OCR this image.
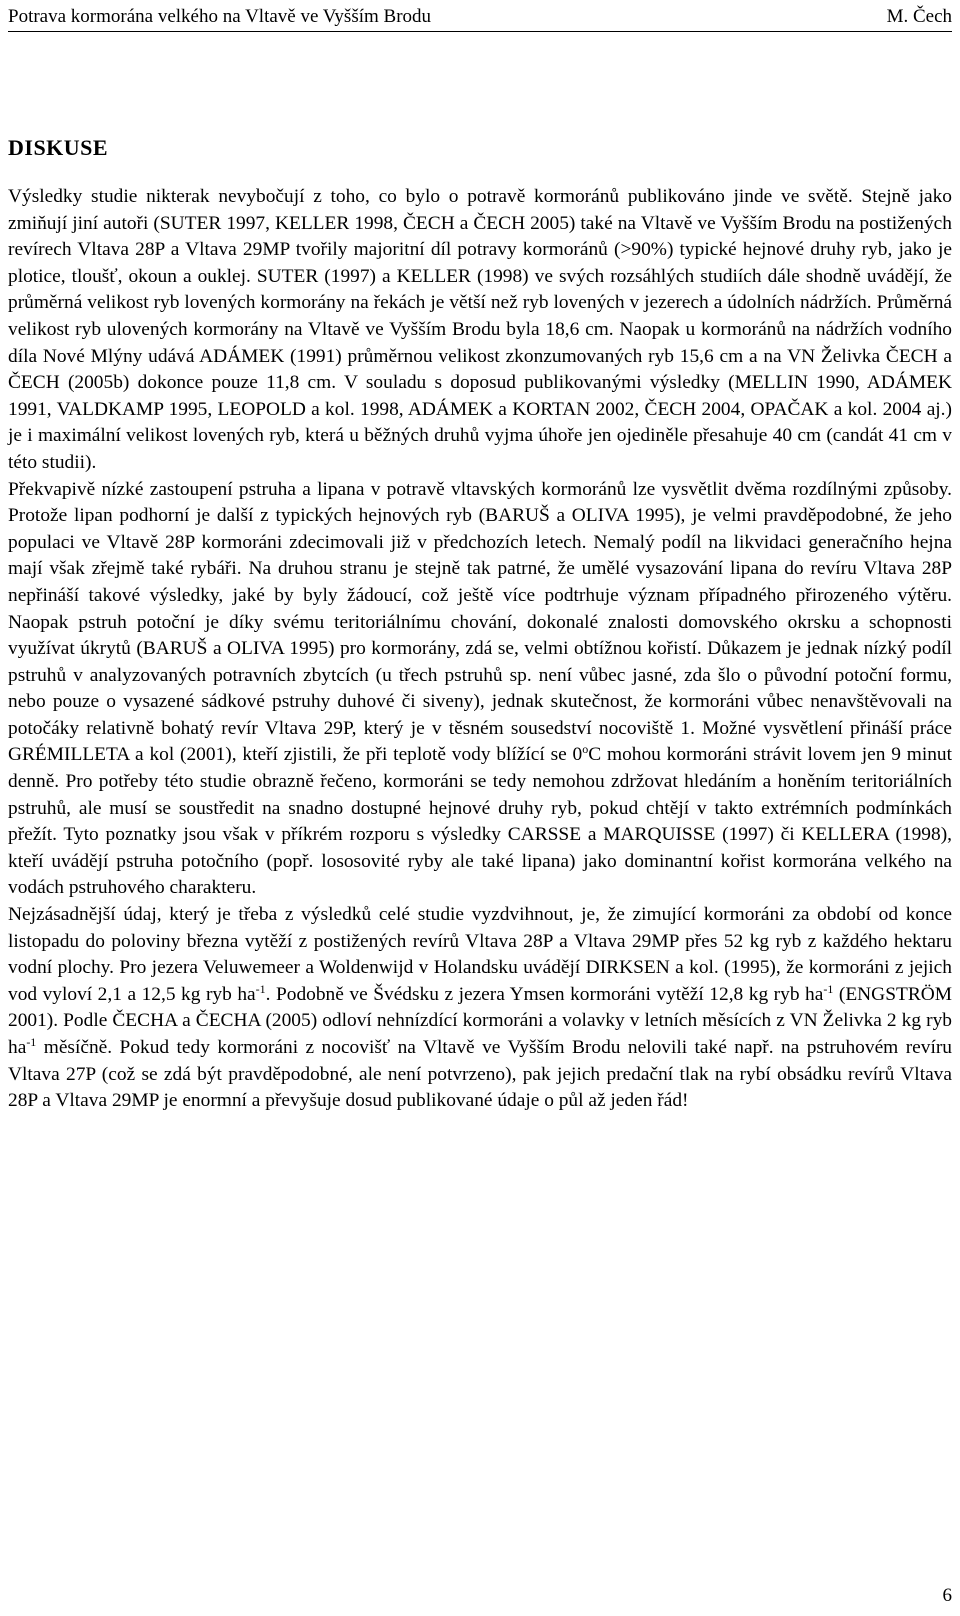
Potrava kormorána velkého na Vltavě ve Vyšším Brodu	M. Čech
DISKUSE

Výsledky studie nikterak nevybočují z toho, co bylo o potravě kormoránů publikováno jinde ve světě. Stejně jako zmiňují jiní autoři (SUTER 1997, KELLER 1998, ČECH a ČECH 2005) také na Vltavě ve Vyšším Brodu na postižených revírech Vltava 28P a Vltava 29MP tvořily majoritní díl potravy kormoránů (>90%) typické hejnové druhy ryb, jako je plotice, tloušť, okoun a ouklej. SUTER (1997) a KELLER (1998) ve svých rozsáhlých studiích dále shodně uvádějí, že průměrná velikost ryb lovených kormorány na řekách je větší než ryb lovených v jezerech a údolních nádržích. Průměrná velikost ryb ulovených kormorány na Vltavě ve Vyšším Brodu byla 18,6 cm. Naopak u kormoránů na nádržích vodního díla Nové Mlýny udává ADÁMEK (1991) průměrnou velikost zkonzumovaných ryb 15,6 cm a na VN Želivka ČECH a ČECH (2005b) dokonce pouze 11,8 cm. V souladu s doposud publikovanými výsledky (MELLIN 1990, ADÁMEK 1991, VALDKAMP 1995, LEOPOLD a kol. 1998, ADÁMEK a KORTAN 2002, ČECH 2004, OPAČAK a kol. 2004 aj.) je i maximální velikost lovených ryb, která u běžných druhů vyjma úhoře jen ojediněle přesahuje 40 cm (candát 41 cm v této studii).

Překvapivě nízké zastoupení pstruha a lipana v potravě vltavských kormoránů lze vysvětlit dvěma rozdílnými způsoby. Protože lipan podhorní je další z typických hejnových ryb (BARUŠ a OLIVA 1995), je velmi pravděpodobné, že jeho populaci ve Vltavě 28P kormoráni zdecimovali již v předchozích letech. Nemalý podíl na likvidaci generačního hejna mají však zřejmě také rybáři. Na druhou stranu je stejně tak patrné, že umělé vysazování lipana do revíru Vltava 28P nepřináší takové výsledky, jaké by byly žádoucí, což ještě více podtrhuje význam případného přirozeného výtěru. Naopak pstruh potoční je díky svému teritoriálnímu chování, dokonalé znalosti domovského okrsku a schopnosti využívat úkrytů (BARUŠ a OLIVA 1995) pro kormorány, zdá se, velmi obtížnou kořistí. Důkazem je jednak nízký podíl pstruhů v analyzovaných potravních zbytcích (u třech pstruhů sp. není vůbec jasné, zda šlo o původní potoční formu, nebo pouze o vysazené sádkové pstruhy duhové či siveny), jednak skutečnost, že kormoráni vůbec nenavštěvovali na potočáky relativně bohatý revír Vltava 29P, který je v těsném sousedství nocoviště 1. Možné vysvětlení přináší práce GRÉMILLETA a kol (2001), kteří zjistili, že při teplotě vody blížící se 0$^o$C mohou kormoráni strávit lovem jen 9 minut denně. Pro potřeby této studie obrazně řečeno, kormoráni se tedy nemohou zdržovat hledáním a honěním teritoriálních pstruhů, ale musí se soustředit na snadno dostupné hejnové druhy ryb, pokud chtějí v takto extrémních podmínkách přežít. Tyto poznatky jsou však v příkrém rozporu s výsledky CARSSE a MARQUISSE (1997) či KELLERA (1998), kteří uvádějí pstruha potočního (popř. lososovité ryby ale také lipana) jako dominantní kořist kormorána velkého na vodách pstruhového charakteru.

Nejzásadnější údaj, který je třeba z výsledků celé studie vyzdvihnout, je, že zimující kormoráni za období od konce listopadu do poloviny března vytěží z postižených revírů Vltava 28P a Vltava 29MP přes 52 kg ryb z každého hektaru vodní plochy. Pro jezera Veluwemeer a Woldenwijd v Holandsku uvádějí DIRKSEN a kol. (1995), že kormoráni z jejich vod vyloví 2,1 a 12,5 kg ryb $ha^{-1}$. Podobně ve Švédsku z jezera Ymsen kormoráni vytěží 12,8 kg ryb $ha^{-1}$ (ENGSTRÖM 2001). Podle ČECHA a ČECHA (2005) odloví nehnízdící kormoráni a volavky v letních měsících z VN Želivka 2 kg ryb $ha^{-1}$ měsíčně. Pokud tedy kormoráni z nocovišť na Vltavě ve Vyšším Brodu nelovili také např. na pstruhovém revíru Vltava 27P (což se zdá být pravděpodobné, ale není potvrzeno), pak jejich predační tlak na rybí obsádku revírů Vltava 28P a Vltava 29MP je enormní a převyšuje dosud publikované údaje o půl až jeden řád!

6
